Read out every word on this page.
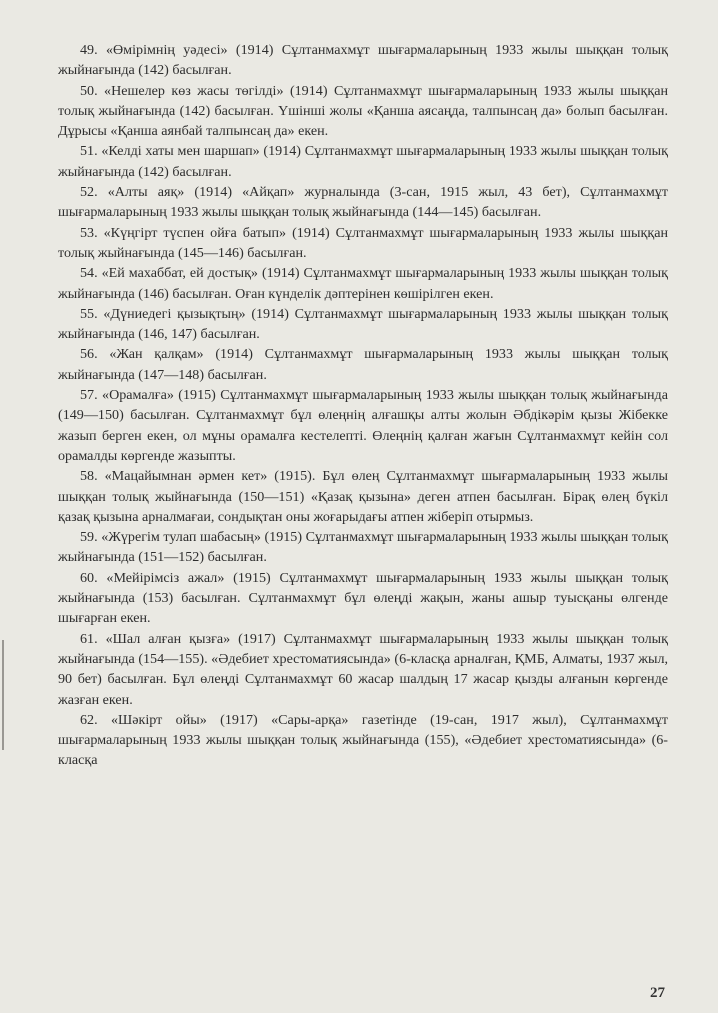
49. «Өмірімнің уәдесі» (1914) Сұлтанмахмұт шығармаларының 1933 жылы шыққан толық жыйнағында (142) басылған.

50. «Нешелер көз жасы төгілді» (1914) Сұлтанмахмұт шығармаларының 1933 жылы шыққан толық жыйнағында (142) басылған. Үшінші жолы «Қанша аясаңда, талпынсаң да» болып басылған. Дұрысы «Қанша аянбай талпынсаң да» екен.

51. «Келді хаты мен шаршап» (1914) Сұлтанмахмұт шығармаларының 1933 жылы шыққан толық жыйнағында (142) басылған.

52. «Алты аяқ» (1914) «Айқап» журналында (3-сан, 1915 жыл, 43 бет), Сұлтанмахмұт шығармаларының 1933 жылы шыққан толық жыйнағында (144—145) басылған.

53. «Күңгірт түспен ойға батып» (1914) Сұлтанмахмұт шығармаларының 1933 жылы шыққан толық жыйнағында (145—146) басылған.

54. «Ей махаббат, ей достық» (1914) Сұлтанмахмұт шығармаларының 1933 жылы шыққан толық жыйнағында (146) басылған. Оған күнделік дәптерінен көшірілген екен.

55. «Дүниедегі қызықтың» (1914) Сұлтанмахмұт шығармаларының 1933 жылы шыққан толық жыйнағында (146, 147) басылған.

56. «Жан қалқам» (1914) Сұлтанмахмұт шығармаларының 1933 жылы шыққан толық жыйнағында (147—148) басылған.

57. «Орамалға» (1915) Сұлтанмахмұт шығармаларының 1933 жылы шыққан толық жыйнағында (149—150) басылған. Сұлтанмахмұт бұл өлеңнің алғашқы алты жолын Әбдікәрім қызы Жібекке жазып берген екен, ол мұны орамалға кестелепті. Өлеңнің қалған жағын Сұлтанмахмұт кейін сол орамалды көргенде жазыпты.

58. «Мацайымнан әрмен кет» (1915). Бұл өлең Сұлтанмахмұт шығармаларының 1933 жылы шыққан толық жыйнағында (150—151) «Қазақ қызына» деген атпен басылған. Бірақ өлең бүкіл қазақ қызына арналмағаи, сондықтан оны жоғарыдағы атпен жіберіп отырмыз.

59. «Жүрегім тулап шабасың» (1915) Сұлтанмахмұт шығармаларының 1933 жылы шыққан толық жыйнағында (151—152) басылған.

60. «Мейірімсіз ажал» (1915) Сұлтанмахмұт шығармаларының 1933 жылы шыққан толық жыйнағында (153) басылған. Сұлтанмахмұт бұл өлеңді жақын, жаны ашыр туысқаны өлгенде шығарған екен.

61. «Шал алған қызға» (1917) Сұлтанмахмұт шығармаларының 1933 жылы шыққан толық жыйнағында (154—155). «Әдебиет хрестоматиясында» (6-класқа арналған, ҚМБ, Алматы, 1937 жыл, 90 бет) басылған. Бұл өлеңді Сұлтанмахмұт 60 жасар шалдың 17 жасар қызды алғанын көргенде жазған екен.

62. «Шәкірт ойы» (1917) «Сары-арқа» газетінде (19-сан, 1917 жыл), Сұлтанмахмұт шығармаларының 1933 жылы шыққан толық жыйнағында (155), «Әдебиет хрестоматиясында» (6-класқа

27
